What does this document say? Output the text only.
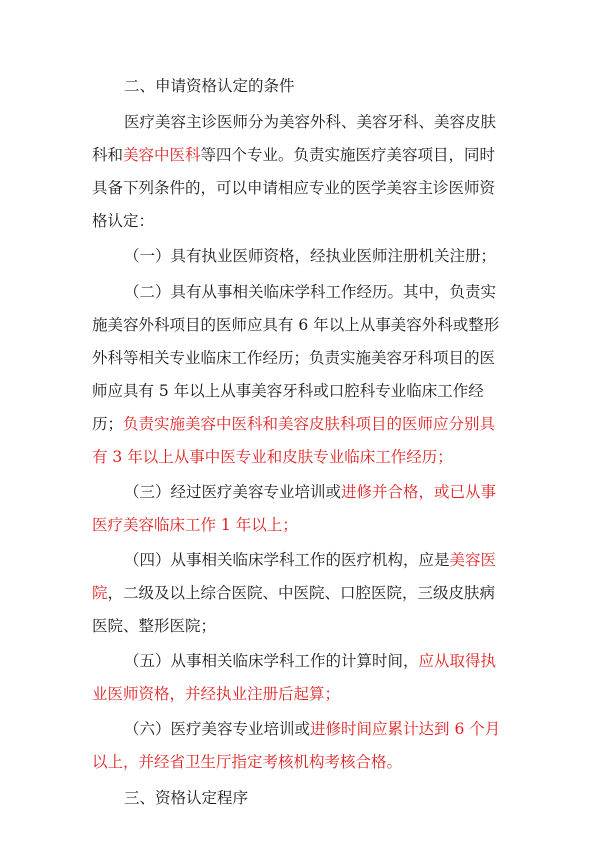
二、申请资格认定的条件
医疗美容主诊医师分为美容外科、美容牙科、美容皮肤
科和美容中医科等四个专业。负责实施医疗美容项目，同时
具备下列条件的，可以申请相应专业的医学美容主诊医师资
格认定：
（一）具有执业医师资格，经执业医师注册机关注册；
（二）具有从事相关临床学科工作经历。其中，负责实
施美容外科项目的医师应具有 6 年以上从事美容外科或整形
外科等相关专业临床工作经历；负责实施美容牙科项目的医
师应具有 5 年以上从事美容牙科或口腔科专业临床工作经
历；负责实施美容中医科和美容皮肤科项目的医师应分别具
有 3 年以上从事中医专业和皮肤专业临床工作经历；
（三）经过医疗美容专业培训或进修并合格，或已从事
医疗美容临床工作 1 年以上；
（四）从事相关临床学科工作的医疗机构，应是美容医
院，二级及以上综合医院、中医院、口腔医院，三级皮肤病
医院、整形医院；
（五）从事相关临床学科工作的计算时间，应从取得执
业医师资格，并经执业注册后起算；
（六）医疗美容专业培训或进修时间应累计达到 6 个月
以上，并经省卫生厅指定考核机构考核合格。
三、资格认定程序
